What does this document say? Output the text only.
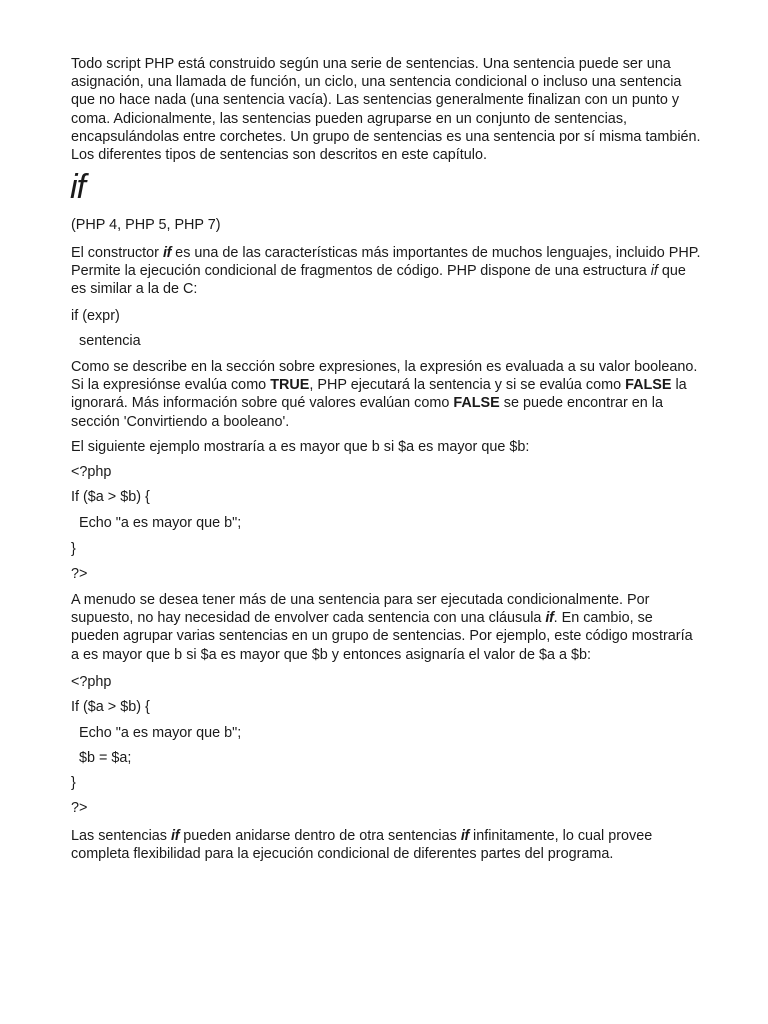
Todo script PHP está construido según una serie de sentencias. Una sentencia puede ser una
asignación, una llamada de función, un ciclo, una sentencia condicional o incluso una sentencia
que no hace nada (una sentencia vacía). Las sentencias generalmente finalizan con un punto y
coma. Adicionalmente, las sentencias pueden agruparse en un conjunto de sentencias,
encapsulándolas entre corchetes. Un grupo de sentencias es una sentencia por sí misma también.
Los diferentes tipos de sentencias son descritos en este capítulo.

if

(PHP 4, PHP 5, PHP 7)

El constructor if es una de las características más importantes de muchos lenguajes, incluido PHP.
Permite la ejecución condicional de fragmentos de código. PHP dispone de una estructura if que
es similar a la de C:

if (expr)

sentencia

Como se describe en la sección sobre expresiones, la expresión es evaluada a su valor booleano.
Si la expresiónse evalúa como TRUE, PHP ejecutará la sentencia y si se evalúa como FALSE la
ignorará. Más información sobre qué valores evalúan como FALSE se puede encontrar en la
sección 'Convirtiendo a booleano'.

El siguiente ejemplo mostraría a es mayor que b si $a es mayor que $b:

<?php

If ($a > $b) {

Echo "a es mayor que b";

}

?>

A menudo se desea tener más de una sentencia para ser ejecutada condicionalmente. Por
supuesto, no hay necesidad de envolver cada sentencia con una cláusula if. En cambio, se
pueden agrupar varias sentencias en un grupo de sentencias. Por ejemplo, este código mostraría
a es mayor que b si $a es mayor que $b y entonces asignaría el valor de $a a $b:

<?php

If ($a > $b) {

Echo "a es mayor que b";

$b = $a;

}

?>

Las sentencias if pueden anidarse dentro de otra sentencias if infinitamente, lo cual provee
completa flexibilidad para la ejecución condicional de diferentes partes del programa.
